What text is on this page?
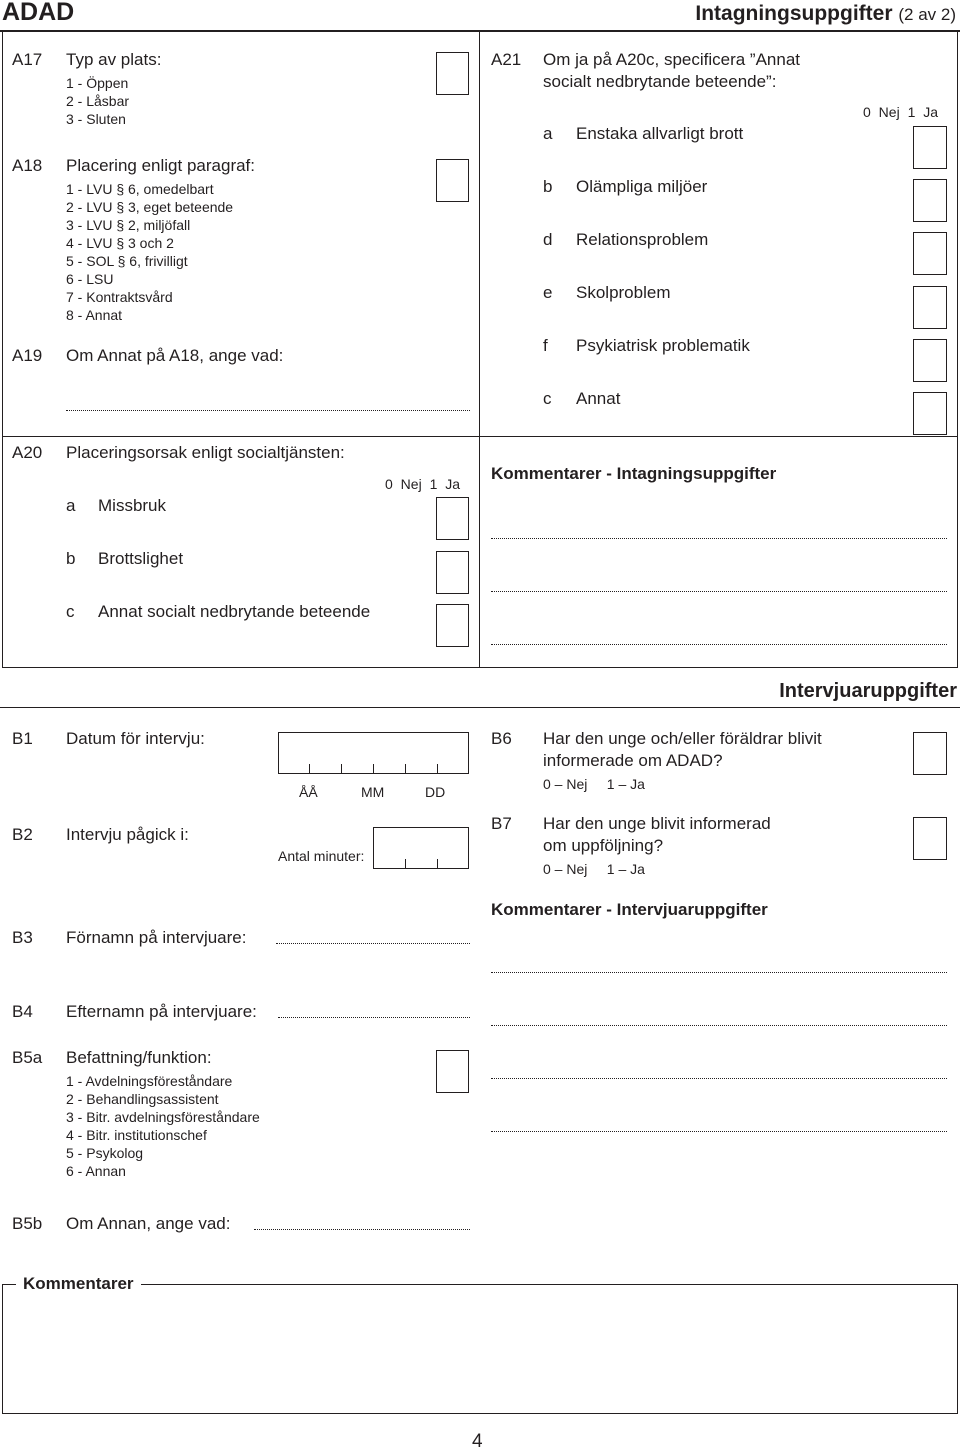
ADAD	Intagningsuppgifter (2 av 2)
A17 Typ av plats:
1 - Öppen
2 - Låsbar
3 - Sluten
A18 Placering enligt paragraf:
1 - LVU § 6, omedelbart
2 - LVU § 3, eget beteende
3 - LVU § 2, miljöfall
4 - LVU § 3 och 2
5 - SOL § 6, frivilligt
6 - LSU
7 - Kontraktsvård
8 - Annat
A19 Om Annat på A18, ange vad:
A20 Placeringsorsak enligt socialtjänsten:
0 Nej 1 Ja
a Missbruk
b Brottslighet
c Annat socialt nedbrytande beteende
A21 Om ja på A20c, specificera ”Annat
socialt nedbrytande beteende”:
0 Nej 1 Ja
a Enstaka allvarligt brott
b Olämpliga miljöer
d Relationsproblem
e Skolproblem
f Psykiatrisk problematik
c Annat
Kommentarer - Intagningsuppgifter
Intervjuaruppgifter
B1 Datum för intervju:
ÅÅ	MM	DD
B2 Intervju pågick i:
Antal minuter:
B3 Förnamn på intervjuare:
B4 Efternamn på intervjuare:
B5a Befattning/funktion:
1 - Avdelningsföreståndare
2 - Behandlingsassistent
3 - Bitr. avdelningsföreståndare
4 - Bitr. institutionschef
5 - Psykolog
6 - Annan
B5b Om Annan, ange vad:
B6 Har den unge och/eller föräldrar blivit
informerade om ADAD?
0 – Nej     1 – Ja
B7 Har den unge blivit informerad
om uppföljning?
0 – Nej     1 – Ja
Kommentarer - Intervjuaruppgifter
Kommentarer
4
